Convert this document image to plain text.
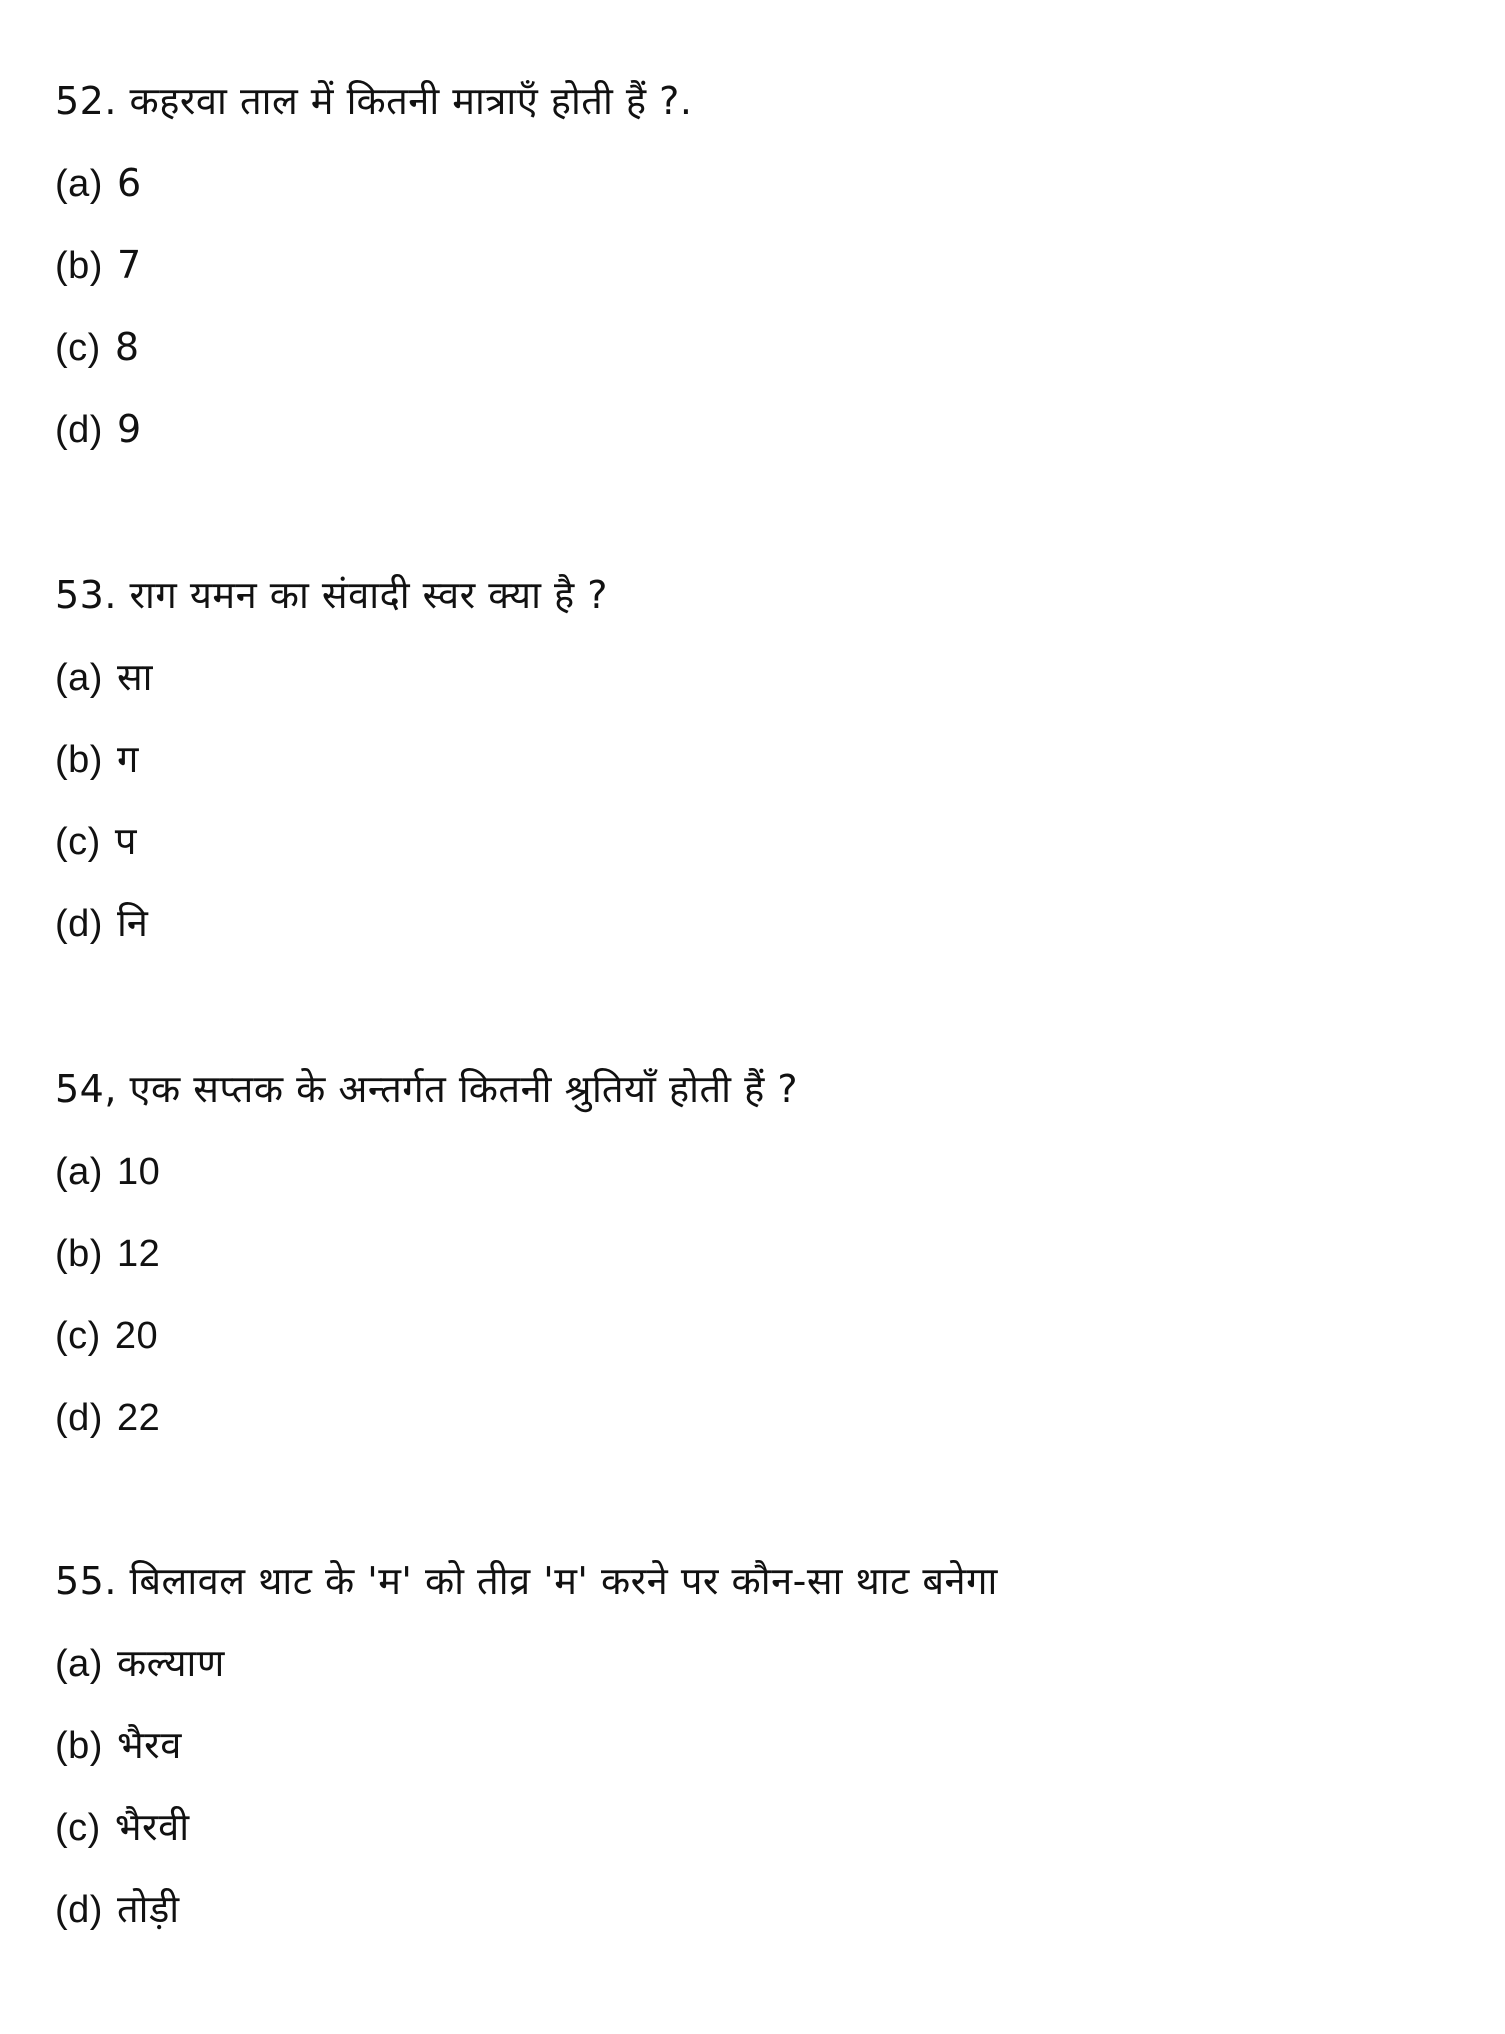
52. कहरवा ताल में कितनी मात्राएँ होती हैं ?.
(a) 6
(b) 7
(c) 8
(d) 9
53. राग यमन का संवादी स्वर क्या है ?
(a) सा
(b) ग
(c) प
(d) नि
54, एक सप्तक के अन्तर्गत कितनी श्रुतियाँ होती हैं ?
(a) 10
(b) 12
(c) 20
(d) 22
55. बिलावल थाट के 'म' को तीव्र 'म' करने पर कौन-सा थाट बनेगा
(a) कल्याण
(b) भैरव
(c) भैरवी
(d) तोड़ी
